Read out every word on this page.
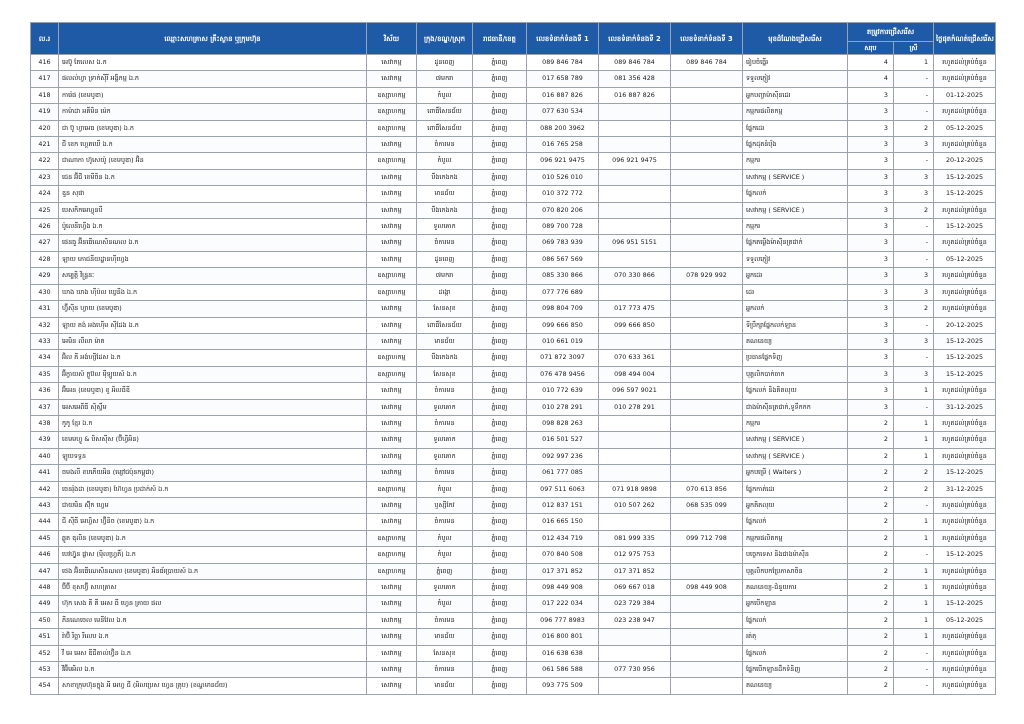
ល.រ	ឈ្មោះសហគ្រាស គ្រឹះស្ថាន ឬក្រុមហ៊ុន	វិស័យ	ក្រុង/ខណ្ឌ/ស្រុក	រាជធានី/ខេត្ត	លេខទំនាក់ទំនងទី 1	លេខទំនាក់ទំនងទី 2	លេខទំនាក់ទំនងទី 3	មុខដំណែងជ្រើសរើស	តម្រូវការជ្រើសរើស		ថ្ងៃផុតកំណត់ជ្រើសរើស
									សរុប	ស្រី	
416	អេប៊ូ តែលេស ឯ.ក	សេវាកម្ម	ដូនពេញ	ភ្នំពេញ	089 846 784	089 846 784	089 846 784	រៀបចំធ្នើរ	4	1	រហូតដល់គ្រប់ចំនួន
417	ផលល់ហ្វា ទ្រាក់ស៊ីរី អង្គិកម្ម ឯ.ក	សេវាកម្ម	៧មករា	ភ្នំពេញ	017 658 789	081 356 428		ទទួលភ្ញៀវ	4	-	រហូតដល់គ្រប់ចំនួន
418	ការ៉េផ (ខេមបូឌា)	ឧស្សាហកម្ម	កំបូល	ភ្នំពេញ	016 887 826	016 887 826		អ្នកបញ្ជាម៉ាស៊ីនដេរ	3	-	01-12-2025
419	កាម៉ាដា អគីមិន ម៉េក	ឧស្សាហកម្ម	ពោធិ៍សែនជ័យ	ភ្នំពេញ	077 630 534			កម្មករផលិតកម្ម	3	-	រហូតដល់គ្រប់ចំនួន
420	ជា ប៊ូ ហ្វាអេធ (ខេមបូឌា) ឯ.ក	ឧស្សាហកម្ម	ពោធិ៍សែនជ័យ	ភ្នំពេញ	088 200 3962			ផ្នែកដេរ	3	2	05-12-2025
421	ជី ខេក ហ្គេតឃើ ឯ.ក	សេវាកម្ម	ចំការមន	ភ្នំពេញ	016 765 258			ផ្នែកដុតនំប៉័ង	3	3	រហូតដល់គ្រប់ចំនួន
422	ជាណាកា ហ៊ូសេយ៉ូ (ខេមបូឌា) អ៊ិន	ឧស្សាហកម្ម	កំបូល	ភ្នំពេញ	096 921 9475	096 921 9475		កម្មករ	3	-	20-12-2025
423	ជេន អ៊ីជី ខេមីចិន ឯ.ក	សេវាកម្ម	បឹងកេងកង	ភ្នំពេញ	010 526 010			សេវាកម្ម ( SERVICE )	3	3	15-12-2025
424	ឌួន សុផា	សេវាកម្ម	មានជ័យ	ភ្នំពេញ	010 372 772			ផ្នែកលក់	3	3	15-12-2025
425	បេសកិកអេហ្វុនបី	សេវាកម្ម	បឹងកេងកង	ភ្នំពេញ	070 820 206			សេវាកម្ម ( SERVICE )	3	2	រហូតដល់គ្រប់ចំនួន
426	ប៉ូលេនីហ្វើង ឯ.ក	សេវាកម្ម	ទួលគោក	ភ្នំពេញ	089 700 728			កម្មករ	3	-	15-12-2025
427	ផេនធួ អ៊ីនធើណេសិនណល ឯ.ក	សេវាកម្ម	ចំការមន	ភ្នំពេញ	069 783 939	096 951 5151		ផ្នែកតម្លើងម៉ាស៊ីនត្រជាក់	3	-	រហូតដល់គ្រប់ចំនួន
428	ឡាយ ភោជនីយដ្ឋានហ៊ីហ្វេង	សេវាកម្ម	ដូនពេញ	ភ្នំពេញ	086 567 569			ទទួលភ្ញៀវ	3	-	05-12-2025
429	សម្បត្តិ វិន្ទ្រនៈ	ឧស្សាហកម្ម	៧មករា	ភ្នំពេញ	085 330 866	070 330 866	078 929 992	អ្នកដេរ	3	3	រហូតដល់គ្រប់ចំនួន
430	ឃាង ឃាង ហ៊ីប៉ល ឃ្វេនីង ឯ.ក	ឧស្សាហកម្ម	ដង្កោ	ភ្នំពេញ	077 776 689			ដេរ	3	3	រហូតដល់គ្រប់ចំនួន
431	ហ្វ៊ីស៊ីន ហ្វាយ (ខេមបូឌា)	សេវាកម្ម	សែនសុខ	ភ្នំពេញ	098 804 709	017 773 475		អ្នកលក់	3	2	រហូតដល់គ្រប់ចំនួន
432	ឡាយ គង់ អងហ៊ើម ស៊ីដែង ឯ.ក	សេវាកម្ម	ពោធិ៍សែនជ័យ	ភ្នំពេញ	099 666 850	099 666 850		ទីប្រឹក្សាផ្នែកលក់ឡាន	3	-	20-12-2025
433	អេមិន លីលា ម៉ាត	សេវាកម្ម	មានជ័យ	ភ្នំពេញ	010 661 019			គណនេយ្យ	3	3	15-12-2025
434	អ៊ិល គី អង់ហ្សីដែស ឯ.ក	ឧស្សាហកម្ម	បឹងកេងកង	ភ្នំពេញ	071 872 3097	070 633 361		ប្រធានផ្នែកទិញ	3	-	15-12-2025
435	អ៊ីក្វាយស៍ ក្លូប៊ល ម៉ីឡូយស៍ ឯ.ក	ឧស្សាហកម្ម	សែនសុខ	ភ្នំពេញ	076 478 9456	098 494 004		បុគ្គលិកបាក់ចាក	3	3	15-12-2025
436	អ៊ីអេន (ខេមបូឌា) ខូ អិលធីឌី	សេវាកម្ម	ចំការមន	ភ្នំពេញ	010 772 639	096 597 9021		ផ្នែកលក់ និងគិតលុយ	3	1	រហូតដល់គ្រប់ចំនួន
437	អេសអេពីធី ស៊ិស្ទឹម	សេវាកម្ម	ទួលគោក	ភ្នំពេញ	010 278 291	010 278 291		ជាងម៉ាស៊ីនត្រជាក់,ទូទឹកកក	3	-	31-12-2025
438	កូកូ ខ្មែរ ឯ.ក	សេវាកម្ម	ចំការមន	ភ្នំពេញ	098 828 263			កម្មករ	2	1	រហូតដល់គ្រប់ចំនួន
439	ខេមមហ្វូ & បិសស៊ីស (ប៊ីហ្វីអិន)	សេវាកម្ម	ទួលគោក	ភ្នំពេញ	016 501 527			សេវាកម្ម ( SERVICE )	2	1	រហូតដល់គ្រប់ចំនួន
440	ឡូយទទ្ធន	សេវាកម្ម	ទួលគោក	ភ្នំពេញ	092 997 236			សេវាកម្ម ( SERVICE )	2	1	រហូតដល់គ្រប់ចំនួន
441	ចមងលី ខបភើយអិន (ម្សៅជប៉ុនកម្ពុជា)	សេវាកម្ម	ចំការមន	ភ្នំពេញ	061 777 085			អ្នកបម្រើ ( Waiters )	2	2	15-12-2025
442	ចេនរ៉ុងដា (ខេមបូឌា) ហ៊ែហ្វន ប្រដាក់ស៍ ឯ.ក	ឧស្សាហកម្ម	កំបូល	ភ្នំពេញ	097 511 6063	071 918 9898	070 613 856	ផ្នែកកាត់ដេរ	2	2	31-12-2025
443	ជាយមិន ស៊ុីក ហ្វេម	សេវាកម្ម	ឫស្សីកែវ	ភ្នំពេញ	012 837 151	010 507 262	068 535 099	អ្នកគិតលុយ	2	-	រហូតដល់គ្រប់ចំនួន
444	ជី ស៊ីធី អេហ្វិស ហ្វ៊ីនិច (ខេមបូឌា) ឯ.ក	សេវាកម្ម	ចំការមន	ភ្នំពេញ	016 665 150			ផ្នែកលក់	2	1	រហូតដល់គ្រប់ចំនួន
445	ឆ្លូត ឌុលិន (ខេមបូឌា) ឯ.ក	ឧស្សាហកម្ម	កំបូល	ភ្នំពេញ	012 434 719	081 999 335	099 712 798	កម្មករផលិតកម្ម	2	1	រហូតដល់គ្រប់ចំនួន
446	បេវហ្វ៊ូន ផ្លាស (ម៉ិលហ្វ្រតិ៍) ឯ.ក	ឧស្សាហកម្ម	កំបូល	ភ្នំពេញ	070 840 508	012 975 753		បច្ចេកទេស និងជាងម៉ាស៊ីន	2	-	15-12-2025
447	ថេង អ៊ិនធើណេសិនណល (ខេមបូឌា) អិនធ័រប្រាយស៍ ឯ.ក	ឧស្សាហកម្ម	ភ្នំពេញ	ភ្នំពេញ	017 371 852	017 371 852		បុគ្គលិកបកប្រែភាសាចិន	2	1	រហូតដល់គ្រប់ចំនួន
448	ប៊ីប៊ី ខុសហ្វ៊ី សហគ្រាស	សេវាកម្ម	ទួលគោក	ភ្នំពេញ	098 449 908	069 667 018	098 449 908	គណនេយ្យ-ជំនួយការ	2	1	រហូតដល់គ្រប់ចំនួន
449	ហ៊ុក សេង គី គី អេស ធី ហ្វេន ត្រាយ ផល	សេវាកម្ម	កំបូល	ភ្នំពេញ	017 222 034	023 729 384		អ្នកបើកឡាន	2	1	15-12-2025
450	ភីនណេចេល មេនីវែល ឯ.ក	សេវាកម្ម	ចំការមន	ភ្នំពេញ	096 777 8983	023 238 947		ផ្នែកលក់	2	1	05-12-2025
451	រ៉ាប៊ិ រិច្ឆា រីលេប ឯ.ក	សេវាកម្ម	មានជ័យ	ភ្នំពេញ	016 800 801			រត់តុ	2	1	រហូតដល់គ្រប់ចំនួន
452	វី អេ អេស ឌីជីតាល់ហ្វ៊ិន ឯ.ក	សេវាកម្ម	សែនសុខ	ភ្នំពេញ	016 638 638			ផ្នែកលក់	2	-	រហូតដល់គ្រប់ចំនួន
453	វីអ៊ីមអិល ឯ.ក	សេវាកម្ម	ចំការមន	ភ្នំពេញ	061 586 588	077 730 956		ផ្នែកបើកឡានដឹកទំនិញ	2	-	រហូតដល់គ្រប់ចំនួន
454	សាខាក្រុមហ៊ុនក្នុង អី អេហ្វ ជី (អិលប្រេស ហ្វេន គ្រុប) (ខណ្ឌមានជ័យ)	សេវាកម្ម	មានជ័យ	ភ្នំពេញ	093 775 509			គណនេយ្យ	2	-	រហូតដល់គ្រប់ចំនួន
